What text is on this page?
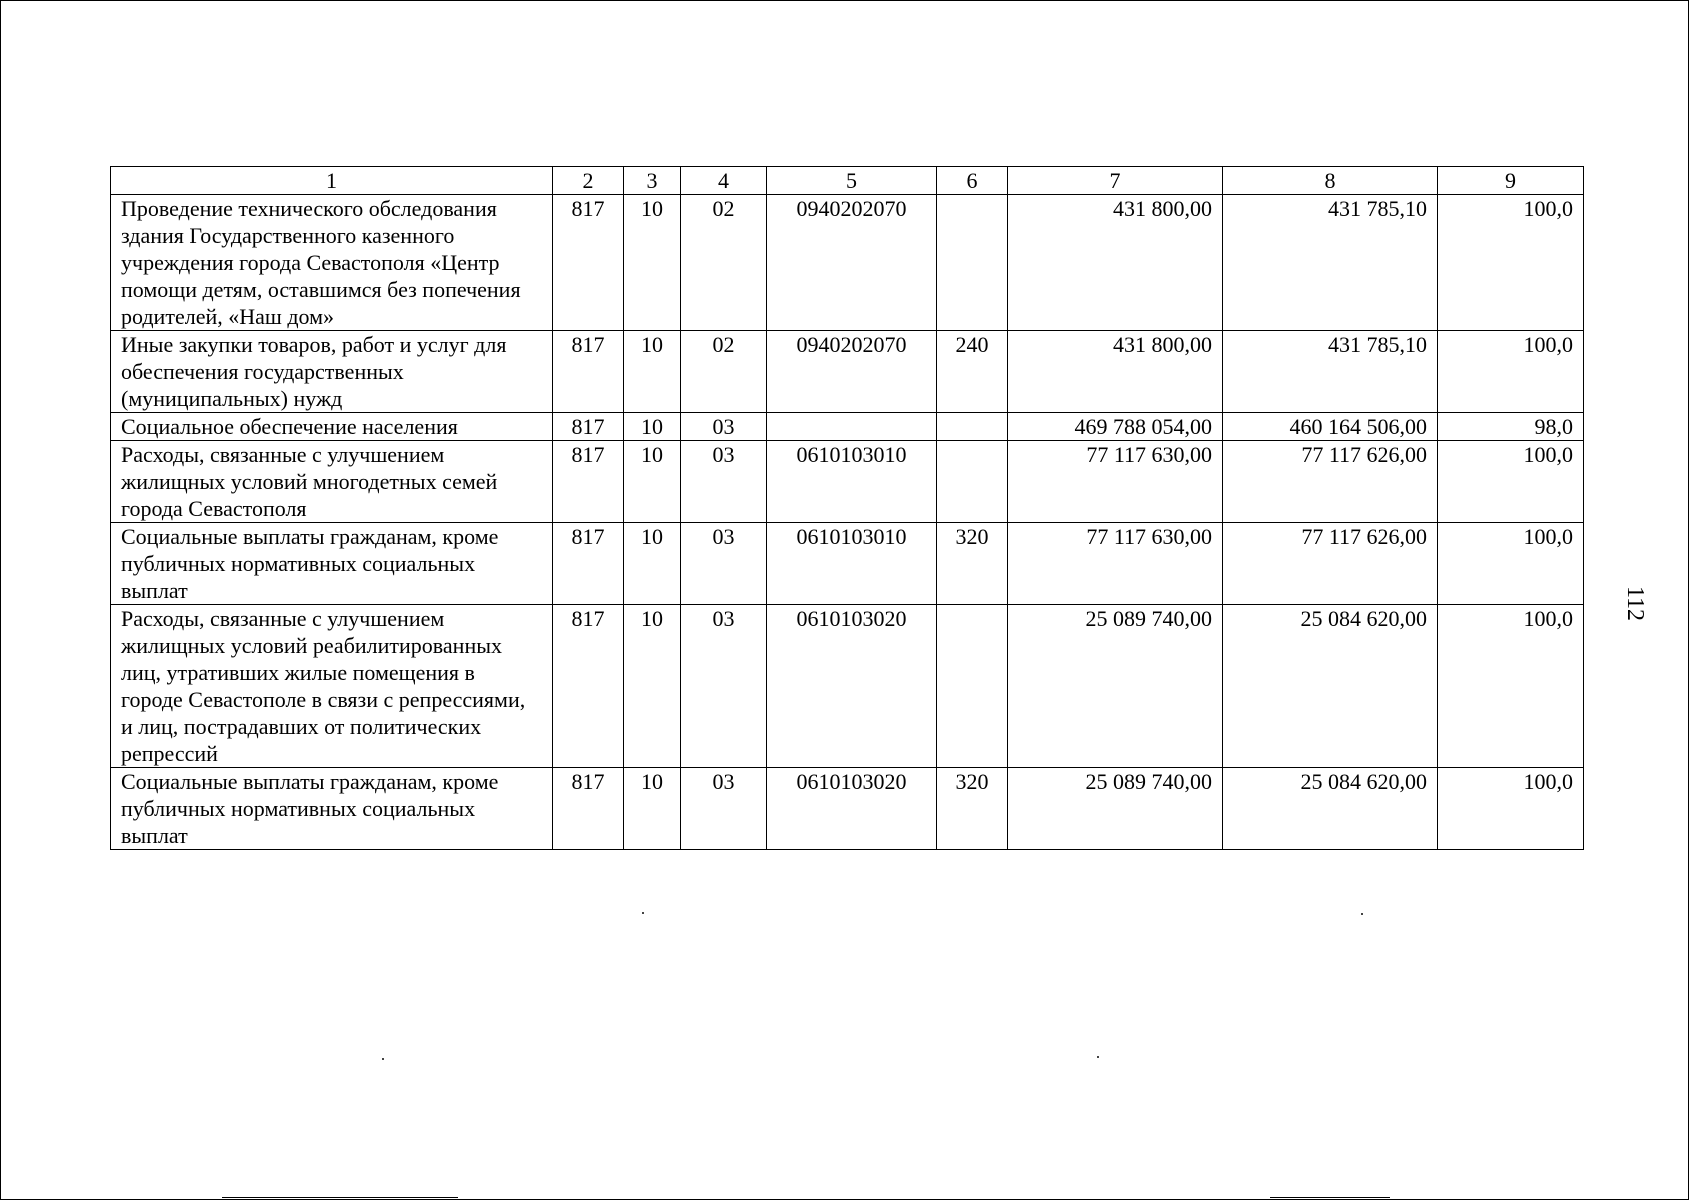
1	2	3	4	5	6	7	8	9
Проведение технического обследования здания Государственного казенного учреждения города Севастополя «Центр помощи детям, оставшимся без попечения родителей, «Наш дом»	817	10	02	0940202070		431 800,00	431 785,10	100,0
Иные закупки товаров, работ и услуг для обеспечения государственных (муниципальных) нужд	817	10	02	0940202070	240	431 800,00	431 785,10	100,0
Социальное обеспечение населения	817	10	03			469 788 054,00	460 164 506,00	98,0
Расходы, связанные с улучшением жилищных условий многодетных семей города Севастополя	817	10	03	0610103010		77 117 630,00	77 117 626,00	100,0
Социальные выплаты гражданам, кроме публичных нормативных социальных выплат	817	10	03	0610103010	320	77 117 630,00	77 117 626,00	100,0
Расходы, связанные с улучшением жилищных условий реабилитированных лиц, утративших жилые помещения в городе Севастополе в связи с репрессиями, и лиц, пострадавших от политических репрессий	817	10	03	0610103020		25 089 740,00	25 084 620,00	100,0
Социальные выплаты гражданам, кроме публичных нормативных социальных выплат	817	10	03	0610103020	320	25 089 740,00	25 084 620,00	100,0
112
